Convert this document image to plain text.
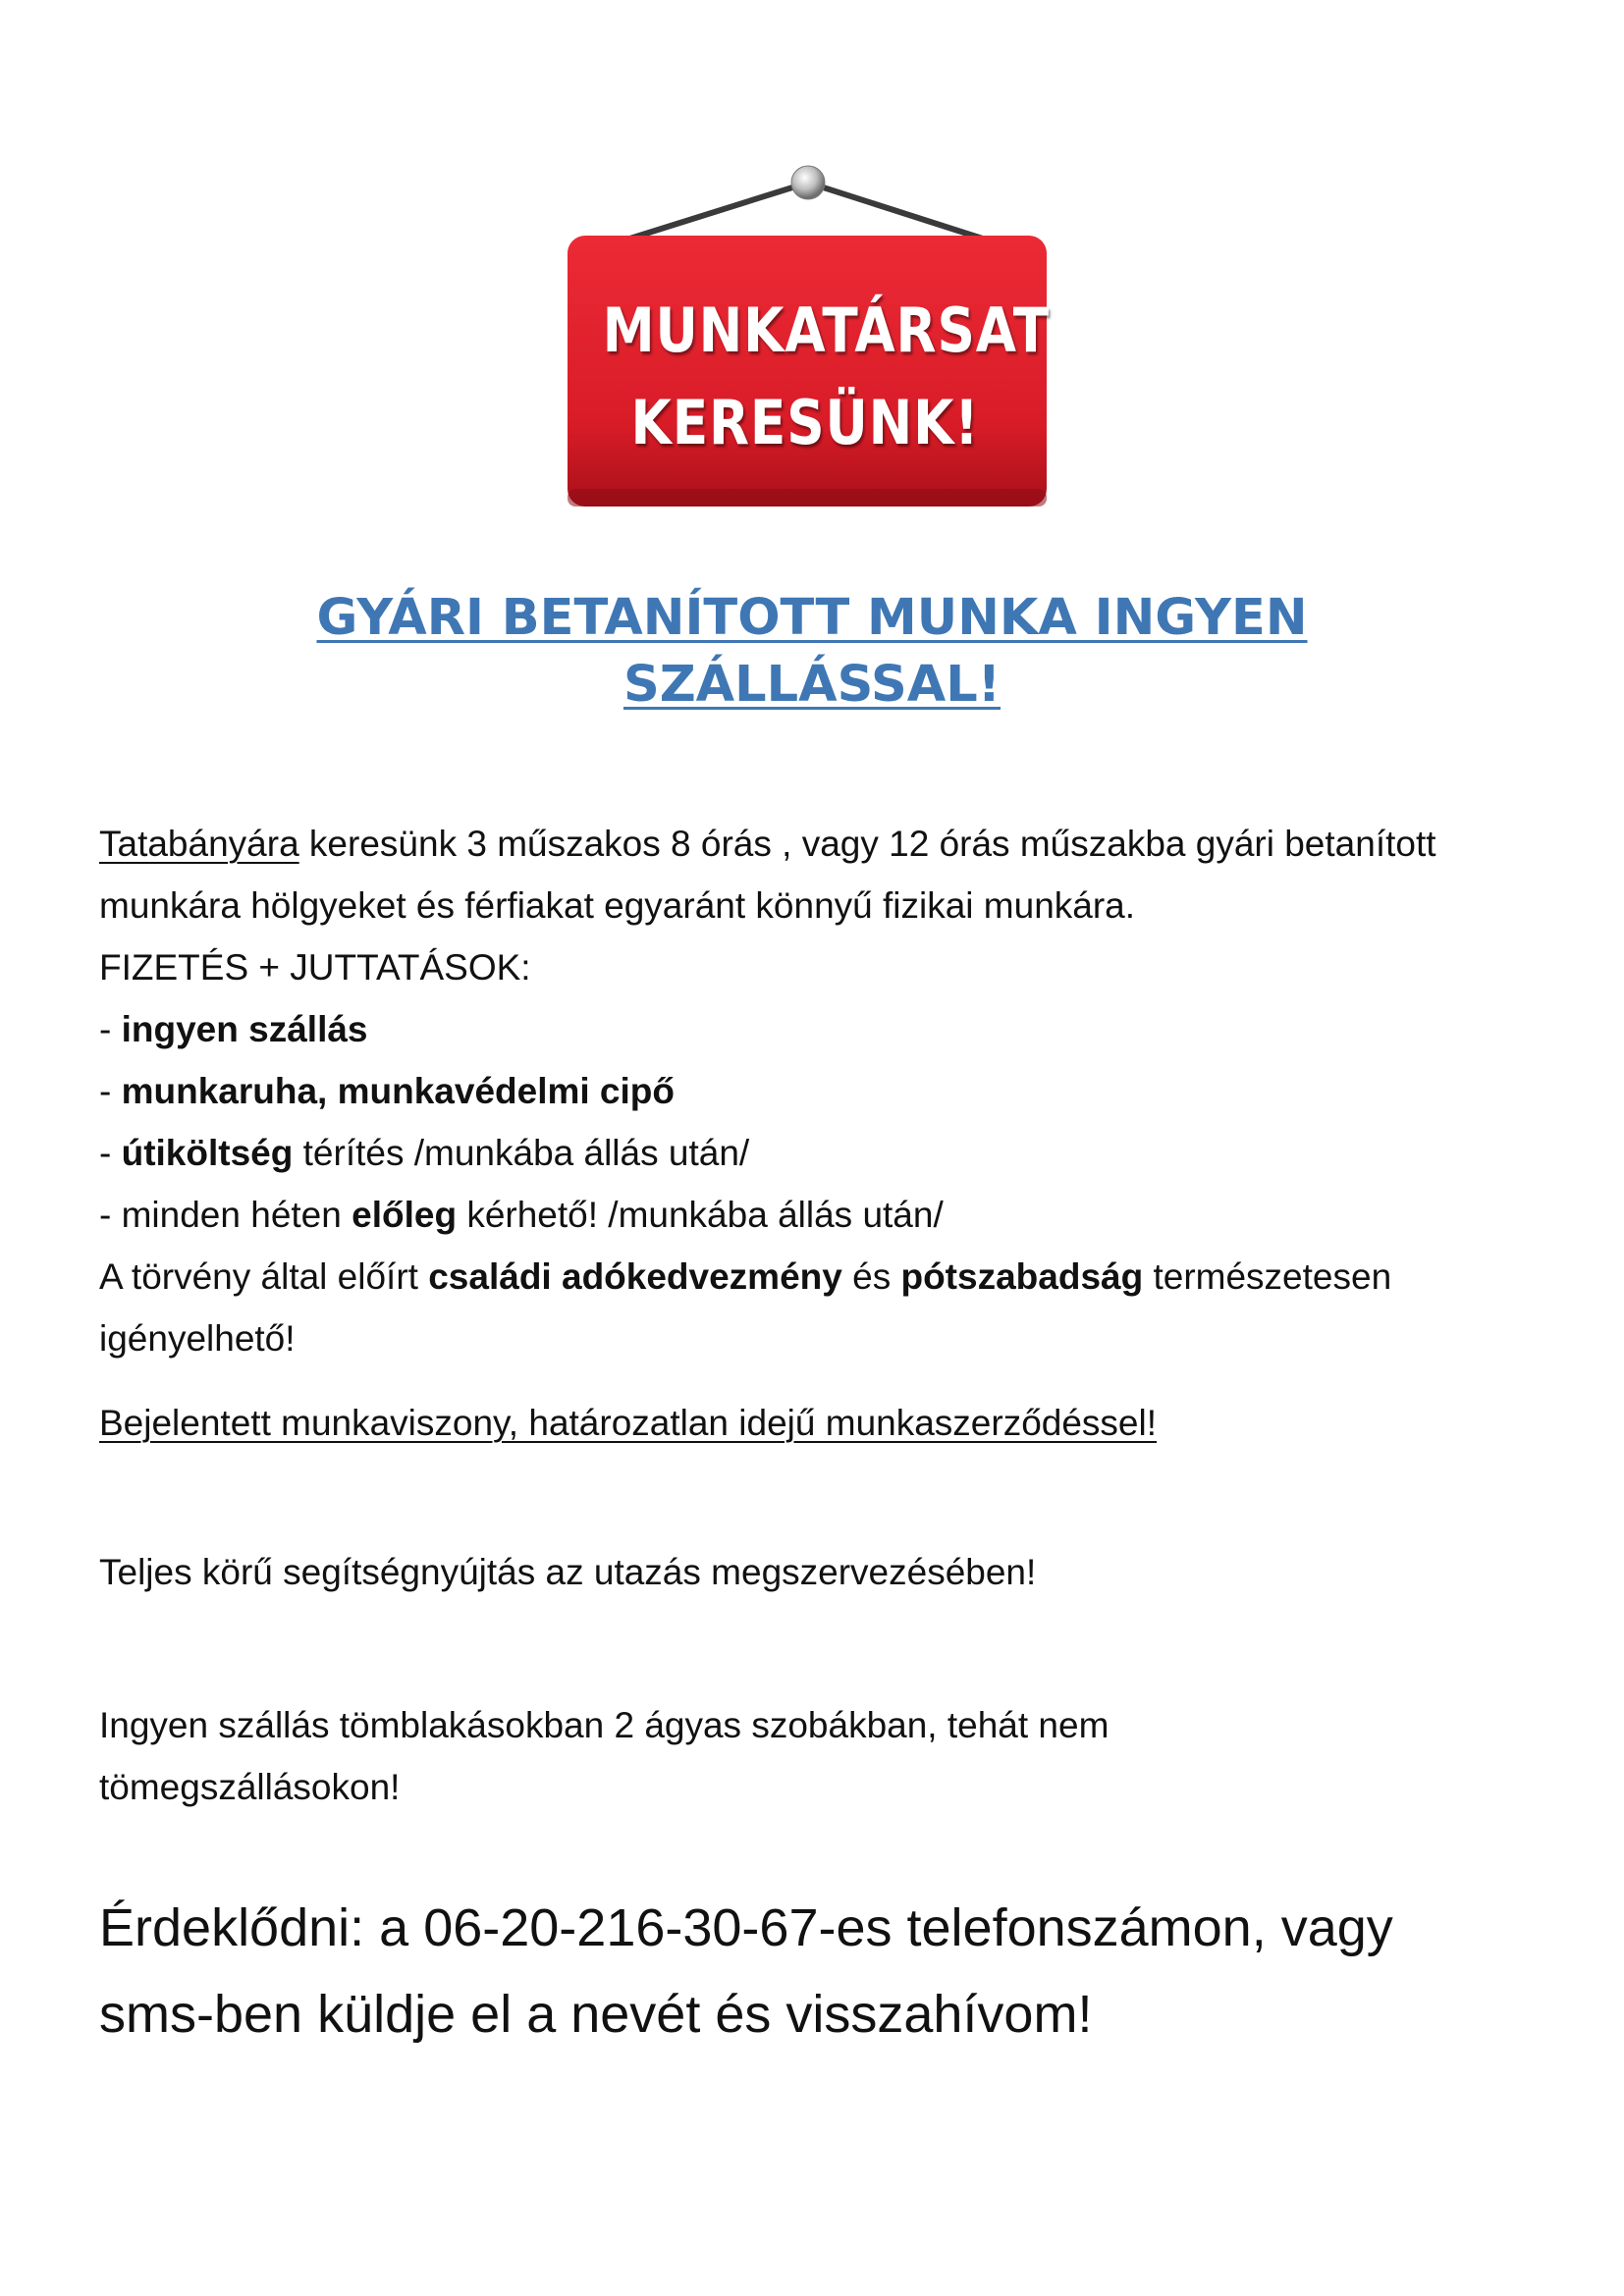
MUNKATÁRSAT
KERESÜNK!
GYÁRI BETANÍTOTT MUNKA INGYEN
SZÁLLÁSSAL!

Tatabányára keresünk 3 műszakos 8 órás , vagy 12 órás műszakba gyári betanított munkára hölgyeket és férfiakat egyaránt könnyű fizikai munkára.

FIZETÉS + JUTTATÁSOK:

- ingyen szállás

- munkaruha, munkavédelmi cipő

- útiköltség térítés /munkába állás után/

- minden héten előleg kérhető! /munkába állás után/

A törvény által előírt családi adókedvezmény és pótszabadság természetesen igényelhető!

Bejelentett munkaviszony, határozatlan idejű munkaszerződéssel!

Teljes körű segítségnyújtás az utazás megszervezésében!

Ingyen szállás tömblakásokban 2 ágyas szobákban, tehát nem

tömegszállásokon!

Érdeklődni: a 06-20-216-30-67-es telefonszámon, vagy
sms-ben küldje el a nevét és visszahívom!
